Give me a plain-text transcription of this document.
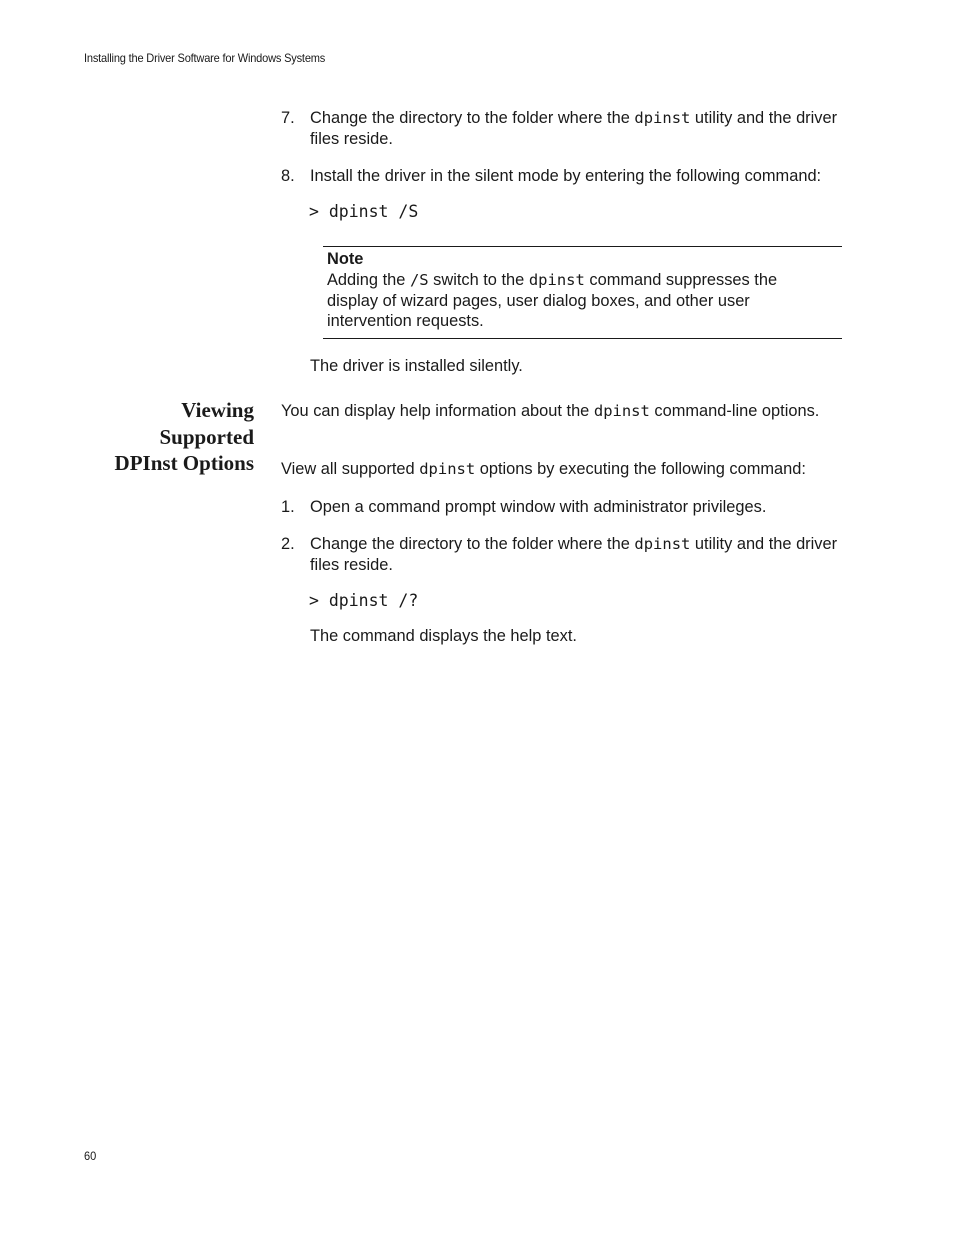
Installing the Driver Software for Windows Systems
7. Change the directory to the folder where the dpinst utility and the driver files reside.
8. Install the driver in the silent mode by entering the following command:
> dpinst /S
Note
Adding the /S switch to the dpinst command suppresses the display of wizard pages, user dialog boxes, and other user intervention requests.
The driver is installed silently.
Viewing
Supported
DPInst Options
You can display help information about the dpinst command-line options.
View all supported dpinst options by executing the following command:
1. Open a command prompt window with administrator privileges.
2. Change the directory to the folder where the dpinst utility and the driver files reside.
> dpinst /?
The command displays the help text.
60
